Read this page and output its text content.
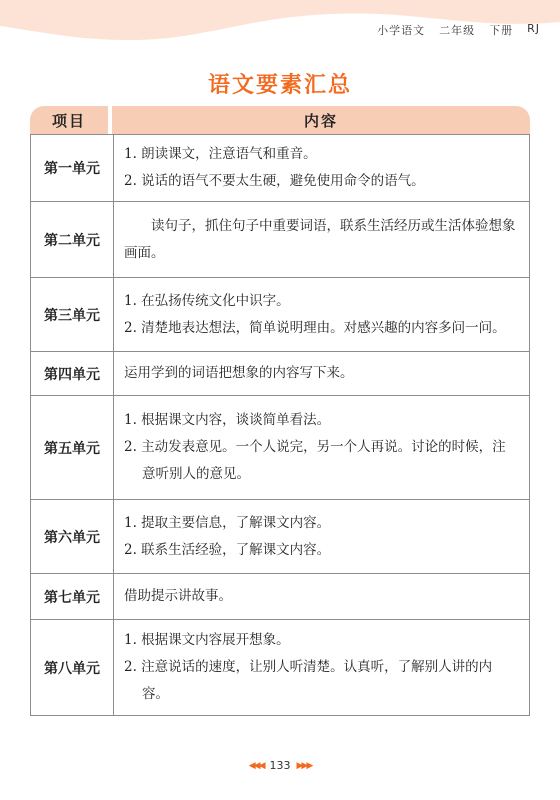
小学语文 二年级 下册 RJ
语文要素汇总
项目	内容
第一单元	1. 朗读课文，注意语气和重音。
2. 说话的语气不要太生硬，避免使用命令的语气。

第二单元	读句子，抓住句子中重要词语，联系生活经历或生活体验想象画面。

第三单元	1. 在弘扬传统文化中识字。
2. 清楚地表达想法，简单说明理由。对感兴趣的内容多问一问。

第四单元	运用学到的词语把想象的内容写下来。

第五单元	1. 根据课文内容，谈谈简单看法。
2. 主动发表意见。一个人说完，另一个人再说。讨论的时候，注意听别人的意见。

第六单元	1. 提取主要信息，了解课文内容。
2. 联系生活经验，了解课文内容。

第七单元	借助提示讲故事。

第八单元	1. 根据课文内容展开想象。
2. 注意说话的速度，让别人听清楚。认真听，了解别人讲的内容。
◀◀◀ 133 ▶▶▶
